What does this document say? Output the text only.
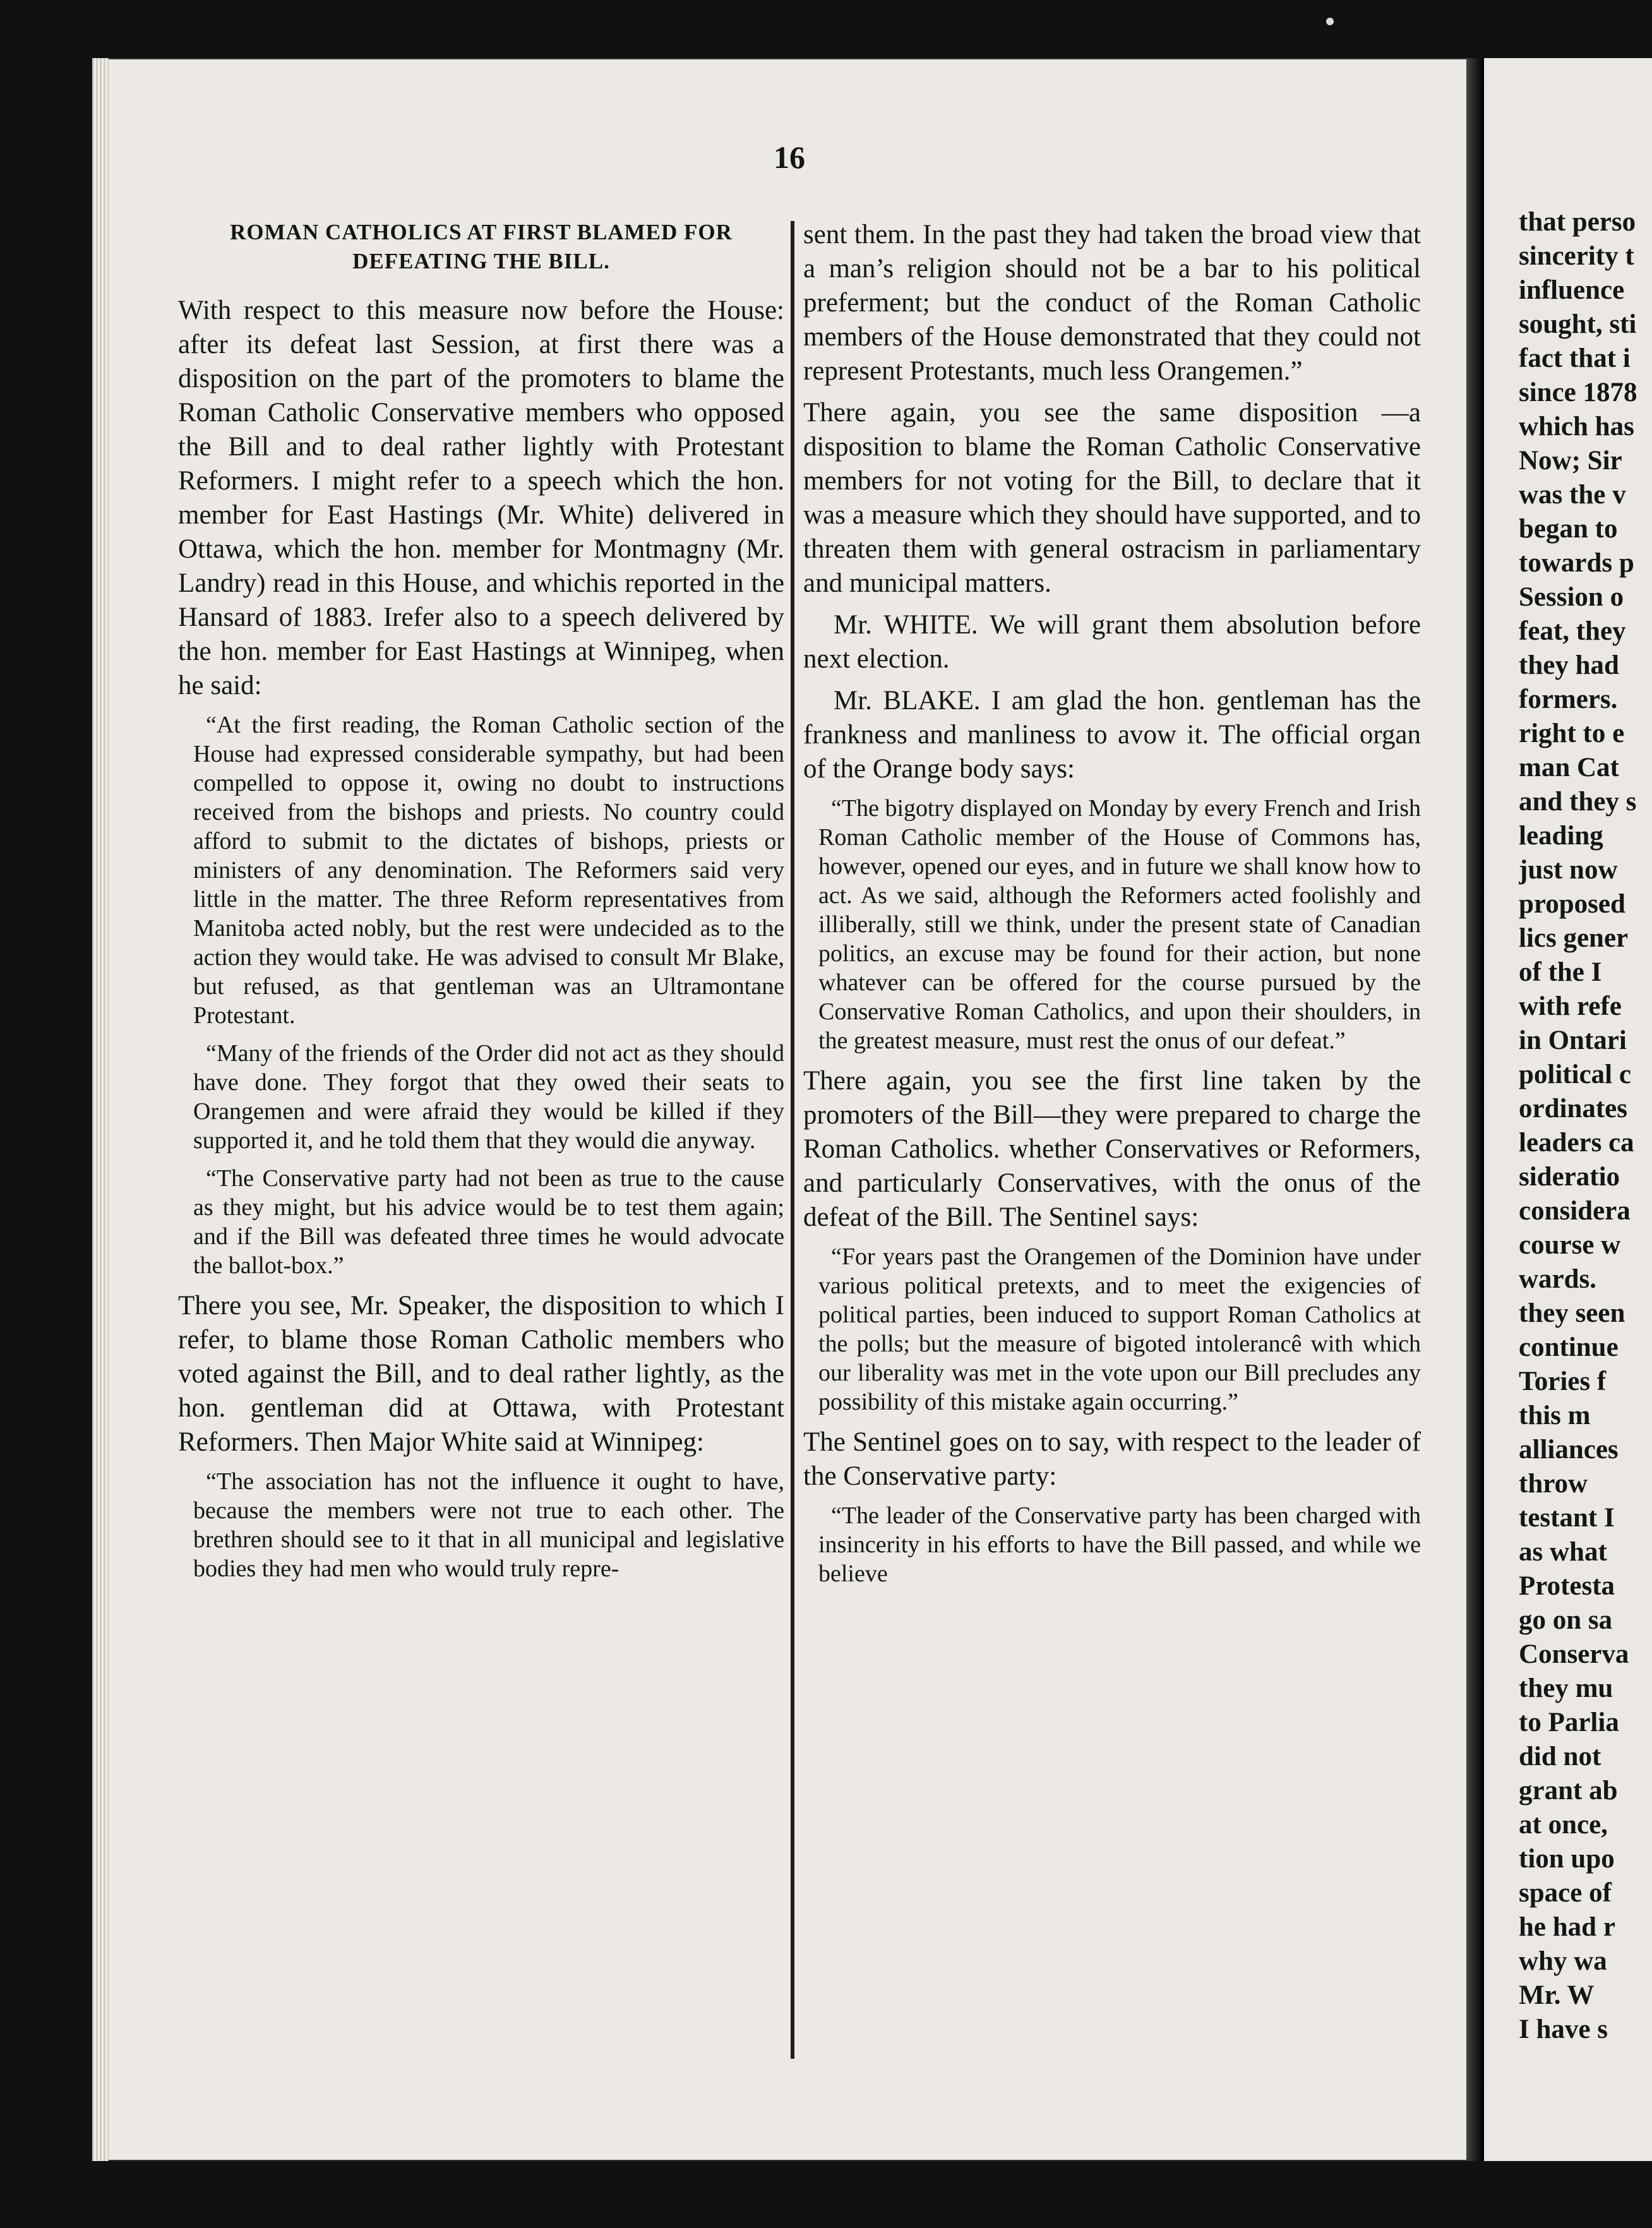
16
ROMAN CATHOLICS AT FIRST BLAMED FOR DEFEATING THE BILL.
With respect to this measure now before the House: after its defeat last Session, at first there was a disposition on the part of the promoters to blame the Roman Catholic Conservative members who opposed the Bill and to deal rather lightly with Protestant Reformers. I might refer to a speech which the hon. member for East Hastings (Mr. White) delivered in Ottawa, which the hon. member for Montmagny (Mr. Landry) read in this House, and whichis reported in the Hansard of 1883. Irefer also to a speech delivered by the hon. member for East Hastings at Winnipeg, when he said:
“At the first reading, the Roman Catholic section of the House had expressed considerable sympathy, but had been compelled to oppose it, owing no doubt to instructions received from the bishops and priests. No country could afford to submit to the dictates of bishops, priests or ministers of any denomination. The Reformers said very little in the matter. The three Reform representatives from Manitoba acted nobly, but the rest were undecided as to the action they would take. He was advised to consult Mr Blake, but refused, as that gentleman was an Ultramontane Protestant.
“Many of the friends of the Order did not act as they should have done. They forgot that they owed their seats to Orangemen and were afraid they would be killed if they supported it, and he told them that they would die anyway.
“The Conservative party had not been as true to the cause as they might, but his advice would be to test them again; and if the Bill was defeated three times he would advocate the ballot-box.”
There you see, Mr. Speaker, the disposition to which I refer, to blame those Roman Catholic members who voted against the Bill, and to deal rather lightly, as the hon. gentleman did at Ottawa, with Protestant Reformers. Then Major White said at Winnipeg:
“The association has not the influence it ought to have, because the members were not true to each other. The brethren should see to it that in all municipal and legislative bodies they had men who would truly repre-
sent them. In the past they had taken the broad view that a man’s religion should not be a bar to his political preferment; but the conduct of the Roman Catholic members of the House demonstrated that they could not represent Protestants, much less Orangemen.”
There again, you see the same disposition —a disposition to blame the Roman Catholic Conservative members for not voting for the Bill, to declare that it was a measure which they should have supported, and to threaten them with general ostracism in parliamentary and municipal matters.
Mr. WHITE. We will grant them absolution before next election.
Mr. BLAKE. I am glad the hon. gentleman has the frankness and manliness to avow it. The official organ of the Orange body says:
“The bigotry displayed on Monday by every French and Irish Roman Catholic member of the House of Commons has, however, opened our eyes, and in future we shall know how to act. As we said, although the Reformers acted foolishly and illiberally, still we think, under the present state of Canadian politics, an excuse may be found for their action, but none whatever can be offered for the course pursued by the Conservative Roman Catholics, and upon their shoulders, in the greatest measure, must rest the onus of our defeat.”
There again, you see the first line taken by the promoters of the Bill—they were prepared to charge the Roman Catholics. whether Conservatives or Reformers, and particularly Conservatives, with the onus of the defeat of the Bill. The Sentinel says:
“For years past the Orangemen of the Dominion have under various political pretexts, and to meet the exigencies of political parties, been induced to support Roman Catholics at the polls; but the measure of bigoted intolerancê with which our liberality was met in the vote upon our Bill precludes any possibility of this mistake again occurring.”
The Sentinel goes on to say, with respect to the leader of the Conservative party:
“The leader of the Conservative party has been charged with insincerity in his efforts to have the Bill passed, and while we believe
that perso
sincerity t
influence
sought, sti
fact that i
since 1878
which has
Now; Sir
was the v
began to
towards p
Session o
feat, they
they had
formers.
right to e
man Cat
and they s
leading
just now
proposed
lics gener
of the I
with refe
in Ontari
political c
ordinates
leaders ca
sideratio
considera
course w
wards.
they seen
continue
Tories f
this m
alliances
throw
testant I
as what
Protesta
go on sa
Conserva
they mu
to Parlia
did not
grant ab
at once,
tion upo
space of
he had r
why wa
Mr. W
I have s
